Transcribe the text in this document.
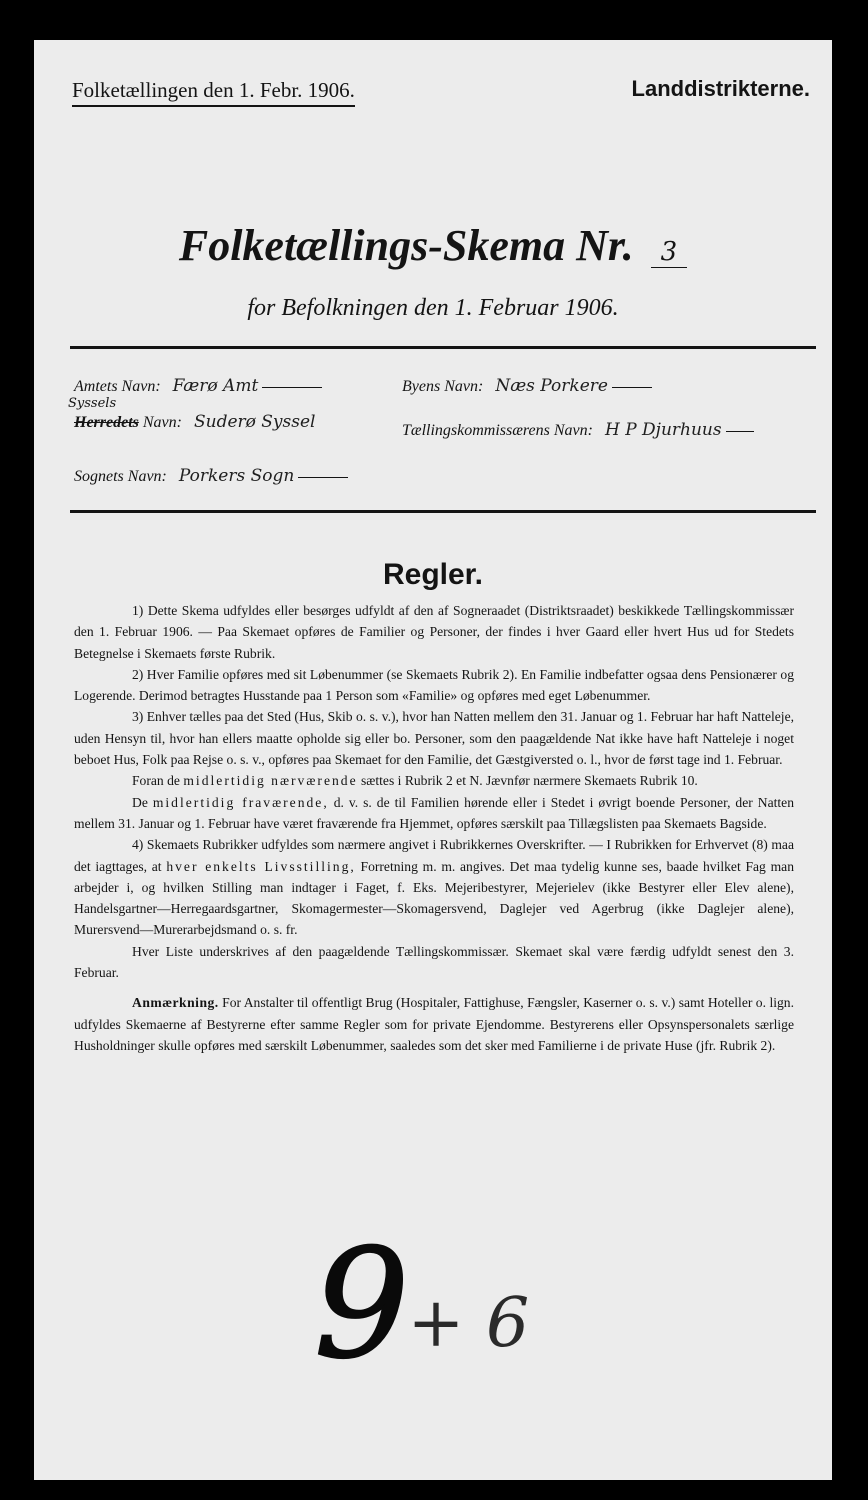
Folketællingen den 1. Febr. 1906.	Landdistrikterne.
Folketællings-Skema Nr. 3
for Befolkningen den 1. Februar 1906.
Amtets Navn: Færø Amt	Byens Navn: Næs Porkere
Syssels
Herredets Navn: Suderø Syssel	Tællingskommissærens Navn: H P Djurhuus
Sognets Navn: Porkers Sogn
Regler.

1) Dette Skema udfyldes eller besørges udfyldt af den af Sogneraadet (Distriktsraadet) beskikkede Tællingskommissær den 1. Februar 1906. — Paa Skemaet opføres de Familier og Personer, der findes i hver Gaard eller hvert Hus ud for Stedets Betegnelse i Skemaets første Rubrik.

2) Hver Familie opføres med sit Løbenummer (se Skemaets Rubrik 2). En Familie indbefatter ogsaa dens Pensionærer og Logerende. Derimod betragtes Husstande paa 1 Person som «Familie» og opføres med eget Løbenummer.

3) Enhver tælles paa det Sted (Hus, Skib o. s. v.), hvor han Natten mellem den 31. Januar og 1. Februar har haft Natteleje, uden Hensyn til, hvor han ellers maatte opholde sig eller bo. Personer, som den paagældende Nat ikke have haft Natteleje i noget beboet Hus, Folk paa Rejse o. s. v., opføres paa Skemaet for den Familie, det Gæstgiversted o. l., hvor de først tage ind 1. Februar.

Foran de midlertidig nærværende sættes i Rubrik 2 et N. Jævnfør nærmere Skemaets Rubrik 10.

De midlertidig fraværende, d. v. s. de til Familien hørende eller i Stedet i øvrigt boende Personer, der Natten mellem 31. Januar og 1. Februar have været fraværende fra Hjemmet, opføres særskilt paa Tillægslisten paa Skemaets Bagside.

4) Skemaets Rubrikker udfyldes som nærmere angivet i Rubrikkernes Overskrifter. — I Rubrikken for Erhvervet (8) maa det iagttages, at hver enkelts Livsstilling, Forretning m. m. angives. Det maa tydelig kunne ses, baade hvilket Fag man arbejder i, og hvilken Stilling man indtager i Faget, f. Eks. Mejeribestyrer, Mejerielev (ikke Bestyrer eller Elev alene), Handelsgartner—Herregaardsgartner, Skomagermester—Skomagersvend, Daglejer ved Agerbrug (ikke Daglejer alene), Murersvend—Murerarbejdsmand o. s. fr.

Hver Liste underskrives af den paagældende Tællingskommissær. Skemaet skal være færdig udfyldt senest den 3. Februar.

Anmærkning. For Anstalter til offentligt Brug (Hospitaler, Fattighuse, Fængsler, Kaserner o. s. v.) samt Hoteller o. lign. udfyldes Skemaerne af Bestyrerne efter samme Regler som for private Ejendomme. Bestyrerens eller Opsynspersonalets særlige Husholdninger skulle opføres med særskilt Løbenummer, saaledes som det sker med Familierne i de private Huse (jfr. Rubrik 2).

9 + 6
